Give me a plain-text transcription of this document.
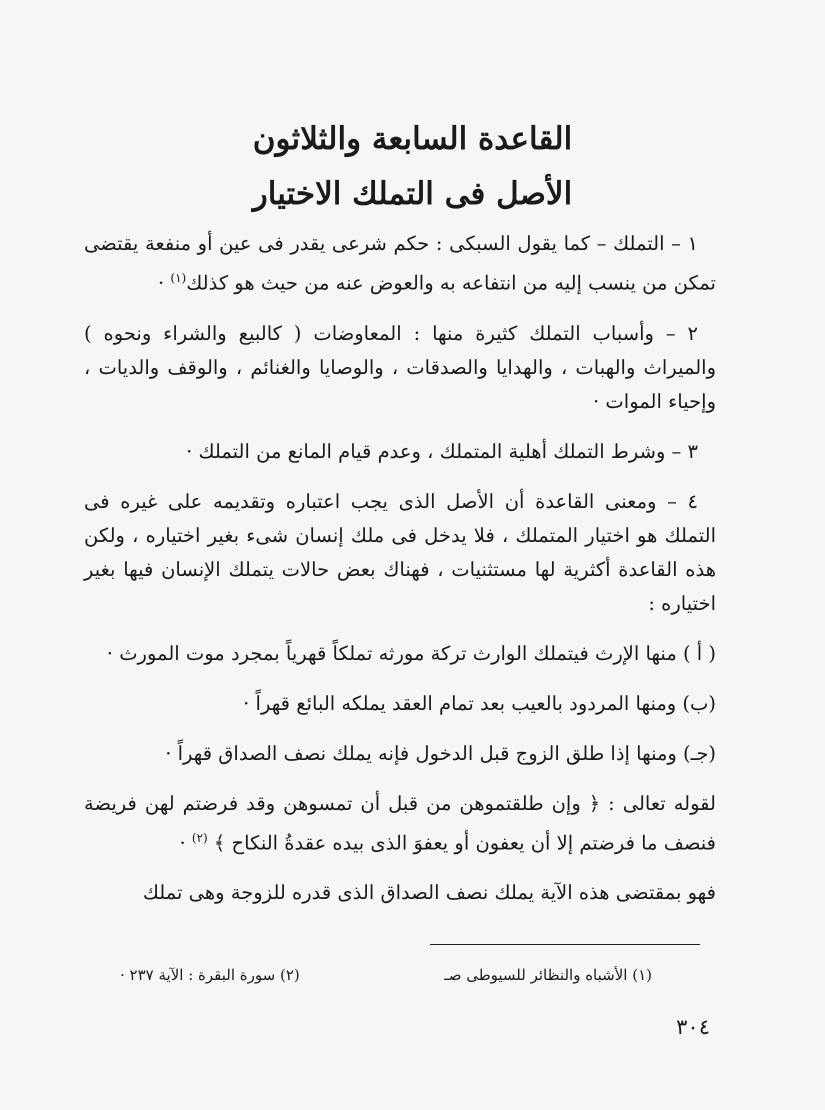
القاعدة السابعة والثلاثون
الأصل فى التملك الاختيار

١ – التملك – كما يقول السبكى : حكم شرعى يقدر فى عين أو منفعة يقتضى تمكن من ينسب إليه من انتفاعه به والعوض عنه من حيث هو كذلك$^{(١)}$ ·

٢ – وأسباب التملك كثيرة منها : المعاوضات ( كالبيع والشراء ونحوه ) والميراث والهبات ، والهدايا والصدقات ، والوصايا والغنائم ، والوقف والديات ، وإحياء الموات ·

٣ – وشرط التملك أهلية المتملك ، وعدم قيام المانع من التملك ·

٤ – ومعنى القاعدة أن الأصل الذى يجب اعتباره وتقديمه على غيره فى التملك هو اختيار المتملك ، فلا يدخل فى ملك إنسان شىء بغير اختياره ، ولكن هذه القاعدة أكثرية لها مستثنيات ، فهناك بعض حالات يتملك الإنسان فيها بغير اختياره :

( أ ) منها الإرث فيتملك الوارث تركة مورثه تملكاً قهرياً بمجرد موت المورث ·

(ب) ومنها المردود بالعيب بعد تمام العقد يملكه البائع قهراً ·

(جـ) ومنها إذا طلق الزوج قبل الدخول فإنه يملك نصف الصداق قهراً ·

لقوله تعالى : ﴿ وإن طلقتموهن من قبل أن تمسوهن وقد فرضتم لهن فريضة فنصف ما فرضتم إلا أن يعفون أو يعفوَ الذى بيده عقدةُ النكاح ﴾ $^{(٢)}$ ·

فهو بمقتضى هذه الآية يملك نصف الصداق الذى قدره للزوجة وهى تملك

(١) الأشباه والنظائر للسيوطى صـ
(٢) سورة البقرة : الآية ٢٣٧ ·
٣٠٤
